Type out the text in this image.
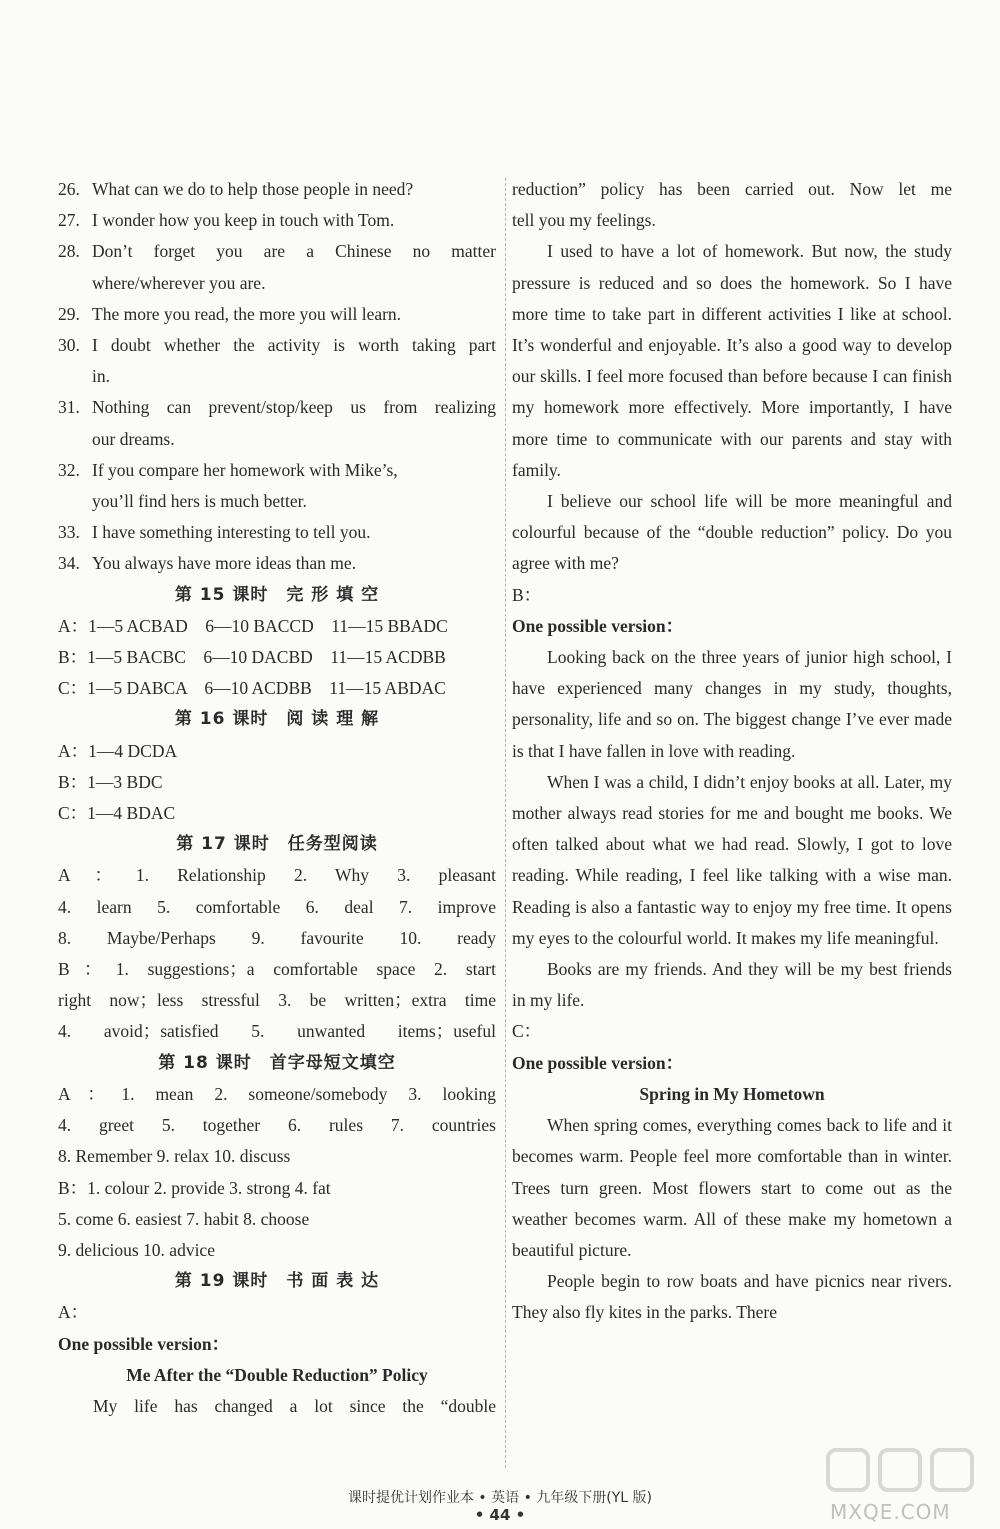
26. What can we do to help those people in need?
27. I wonder how you keep in touch with Tom.
28. Don’t forget you are a Chinese no matter
where/wherever you are.
29. The more you read, the more you will learn.
30. I doubt whether the activity is worth taking part
in.
31. Nothing can prevent/stop/keep us from realizing
our dreams.
32. If you compare her homework with Mike’s,
you’ll find hers is much better.
33. I have something interesting to tell you.
34. You always have more ideas than me.
第 15 课时　完 形 填 空
A：1—5 ACBAD　6—10 BACCD　11—15 BBADC
B：1—5 BACBC　6—10 DACBD　11—15 ACDBB
C：1—5 DABCA　6—10 ACDBB　11—15 ABDAC
第 16 课时　阅 读 理 解
A：1—4 DCDA
B：1—3 BDC
C：1—4 BDAC
第 17 课时　任务型阅读
A：1. Relationship 2. Why 3. pleasant
4. learn 5. comfortable 6. deal 7. improve
8. Maybe/Perhaps 9. favourite 10. ready
B：1. suggestions；a comfortable space 2. start
right now；less stressful 3. be written；extra time
4. avoid；satisfied 5. unwanted items；useful
第 18 课时　首字母短文填空
A：1. mean 2. someone/somebody 3. looking
4. greet 5. together 6. rules 7. countries
8. Remember 9. relax 10. discuss
B：1. colour 2. provide 3. strong 4. fat
5. come 6. easiest 7. habit 8. choose
9. delicious 10. advice
第 19 课时　书 面 表 达
A：
One possible version：
Me After the “Double Reduction” Policy
My life has changed a lot since the “double
reduction” policy has been carried out. Now let me
tell you my feelings.
I used to have a lot of homework. But now, the study pressure is reduced and so does the homework. So I have more time to take part in different activities I like at school. It’s wonderful and enjoyable. It’s also a good way to develop our skills. I feel more focused than before because I can finish my homework more effectively. More importantly, I have more time to communicate with our parents and stay with family.
I believe our school life will be more meaningful and colourful because of the “double reduction” policy. Do you agree with me?
B：
One possible version：
Looking back on the three years of junior high school, I have experienced many changes in my study, thoughts, personality, life and so on. The biggest change I’ve ever made is that I have fallen in love with reading.
When I was a child, I didn’t enjoy books at all. Later, my mother always read stories for me and bought me books. We often talked about what we had read. Slowly, I got to love reading. While reading, I feel like talking with a wise man. Reading is also a fantastic way to enjoy my free time. It opens my eyes to the colourful world. It makes my life meaningful.
Books are my friends. And they will be my best friends in my life.
C：
One possible version：
Spring in My Hometown
When spring comes, everything comes back to life and it becomes warm. People feel more comfortable than in winter. Trees turn green. Most flowers start to come out as the weather becomes warm. All of these make my hometown a beautiful picture.
People begin to row boats and have picnics near rivers. They also fly kites in the parks. There
课时提优计划作业本 • 英语 • 九年级下册(YL 版)
• 44 •	MXQE.COM
